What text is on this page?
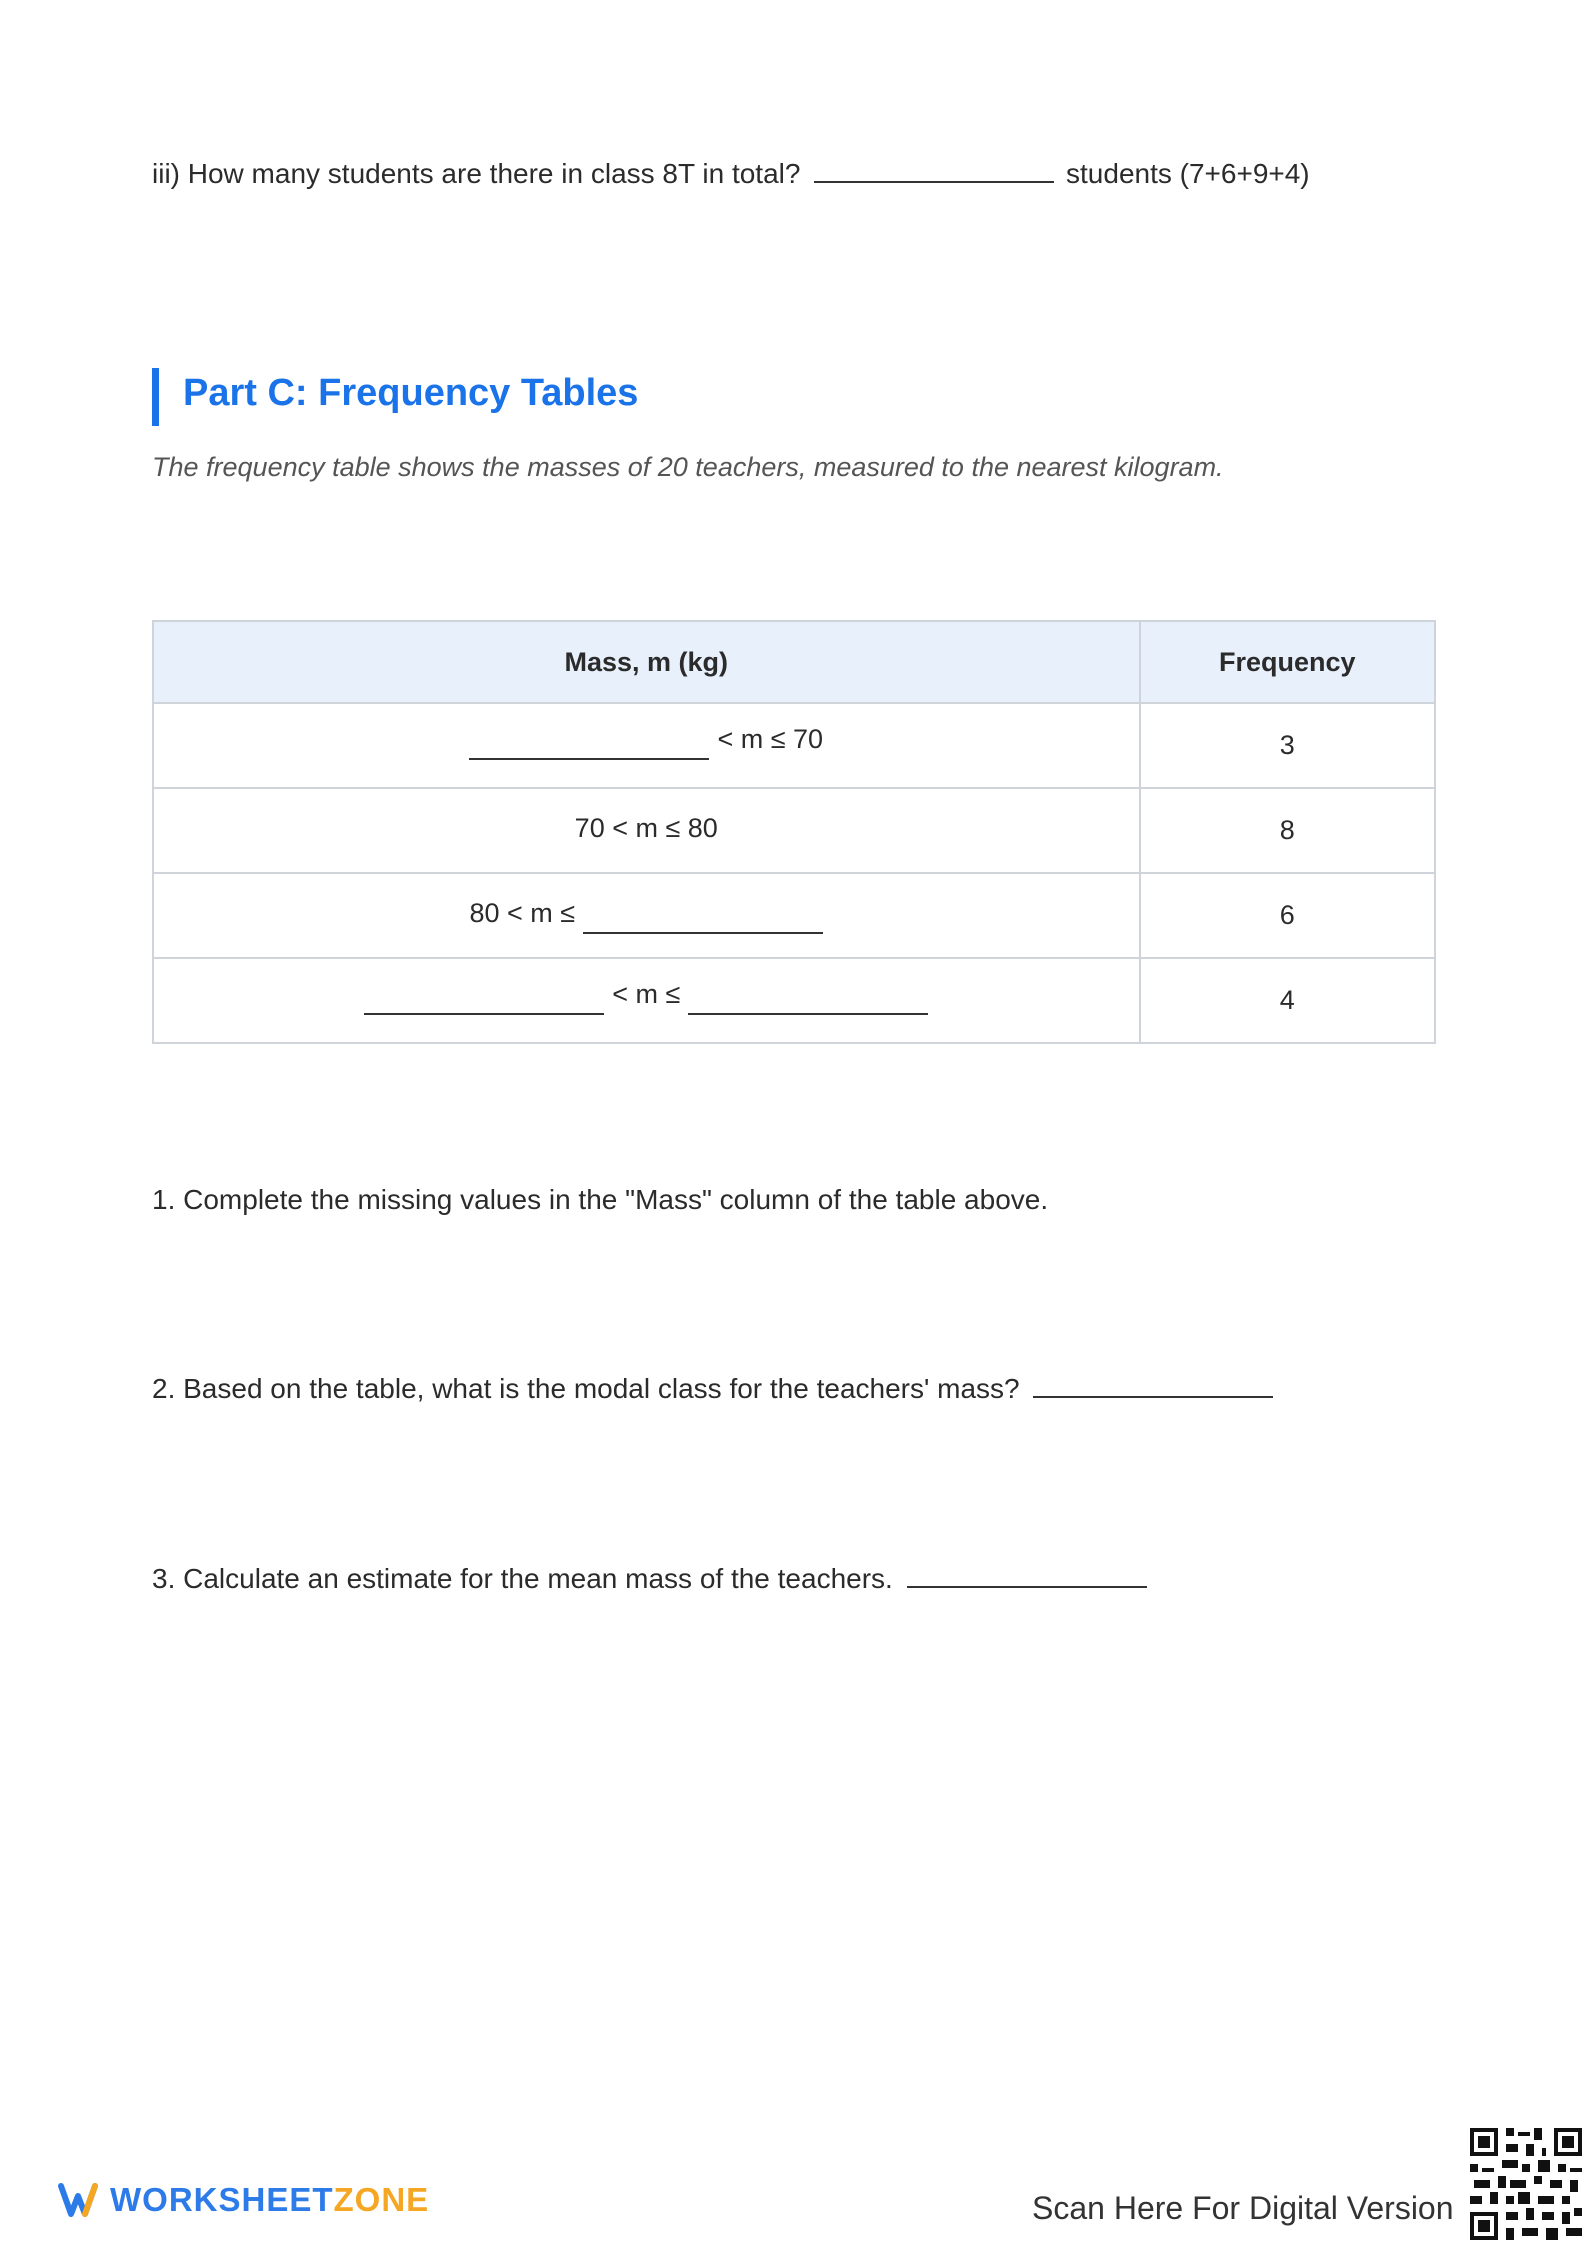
iii) How many students are there in class 8T in total?	students (7+6+9+4)
Part C: Frequency Tables
The frequency table shows the masses of 20 teachers, measured to the nearest kilogram.
Mass, m (kg)	Frequency

< m ≤ 70	3

70 < m ≤ 80	8

80 < m ≤	6

< m ≤	4
1. Complete the missing values in the "Mass" column of the table above.
2. Based on the table, what is the modal class for the teachers' mass?
3. Calculate an estimate for the mean mass of the teachers.
WORKSHEETZONE	Scan Here For Digital Version
